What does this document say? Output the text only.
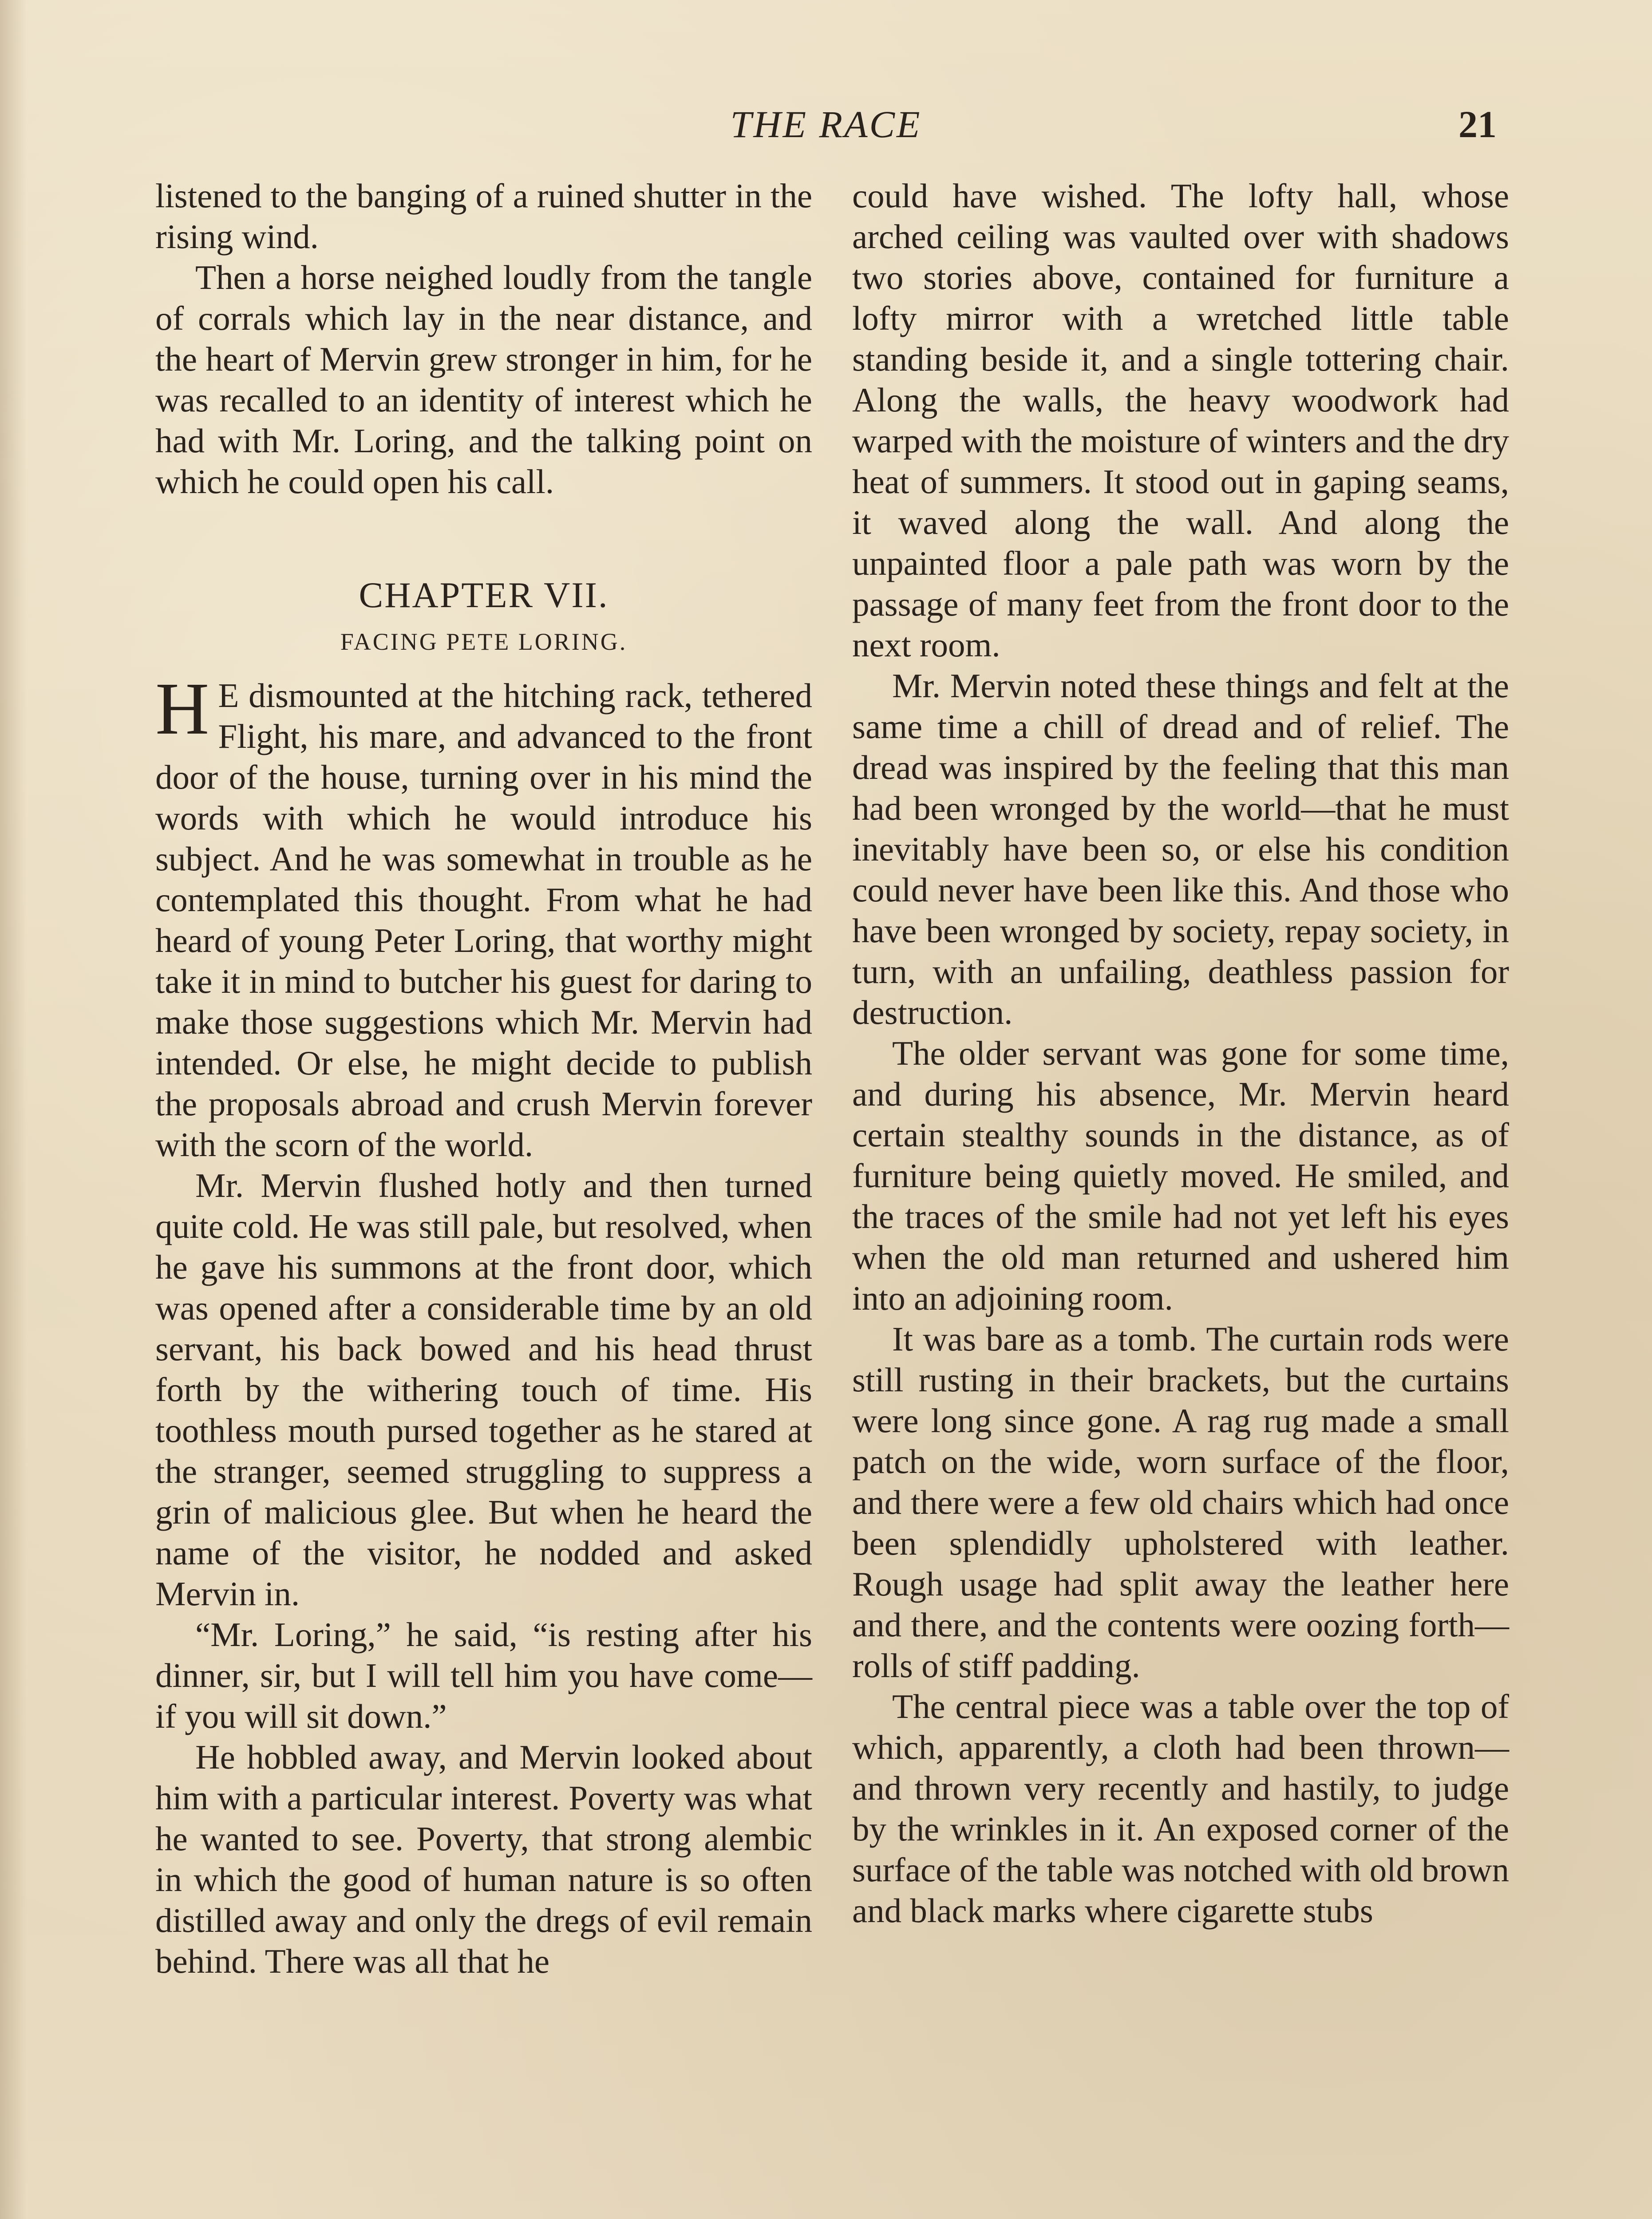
THE RACE	21

listened to the banging of a ruined shutter in the rising wind.

Then a horse neighed loudly from the tangle of corrals which lay in the near distance, and the heart of Mervin grew stronger in him, for he was recalled to an identity of interest which he had with Mr. Loring, and the talking point on which he could open his call.

CHAPTER VII.
FACING PETE LORING.

H E dismounted at the hitching rack, tethered Flight, his mare, and advanced to the front door of the house, turning over in his mind the words with which he would introduce his subject. And he was somewhat in trouble as he contemplated this thought. From what he had heard of young Peter Loring, that worthy might take it in mind to butcher his guest for daring to make those suggestions which Mr. Mervin had intended. Or else, he might decide to publish the proposals abroad and crush Mervin forever with the scorn of the world.

Mr. Mervin flushed hotly and then turned quite cold. He was still pale, but resolved, when he gave his summons at the front door, which was opened after a considerable time by an old servant, his back bowed and his head thrust forth by the withering touch of time. His toothless mouth pursed together as he stared at the stranger, seemed struggling to suppress a grin of malicious glee. But when he heard the name of the visitor, he nodded and asked Mervin in.

“Mr. Loring,” he said, “is resting after his dinner, sir, but I will tell him you have come—if you will sit down.”

He hobbled away, and Mervin looked about him with a particular interest. Poverty was what he wanted to see. Poverty, that strong alembic in which the good of human nature is so often distilled away and only the dregs of evil remain behind. There was all that he

could have wished. The lofty hall, whose arched ceiling was vaulted over with shadows two stories above, contained for furniture a lofty mirror with a wretched little table standing beside it, and a single tottering chair. Along the walls, the heavy woodwork had warped with the moisture of winters and the dry heat of summers. It stood out in gaping seams, it waved along the wall. And along the unpainted floor a pale path was worn by the passage of many feet from the front door to the next room.

Mr. Mervin noted these things and felt at the same time a chill of dread and of relief. The dread was inspired by the feeling that this man had been wronged by the world—that he must inevitably have been so, or else his condition could never have been like this. And those who have been wronged by society, repay society, in turn, with an unfailing, deathless passion for destruction.

The older servant was gone for some time, and during his absence, Mr. Mervin heard certain stealthy sounds in the distance, as of furniture being quietly moved. He smiled, and the traces of the smile had not yet left his eyes when the old man returned and ushered him into an adjoining room.

It was bare as a tomb. The curtain rods were still rusting in their brackets, but the curtains were long since gone. A rag rug made a small patch on the wide, worn surface of the floor, and there were a few old chairs which had once been splendidly upholstered with leather. Rough usage had split away the leather here and there, and the contents were oozing forth—rolls of stiff padding.

The central piece was a table over the top of which, apparently, a cloth had been thrown—and thrown very recently and hastily, to judge by the wrinkles in it. An exposed corner of the surface of the table was notched with old brown and black marks where cigarette stubs
